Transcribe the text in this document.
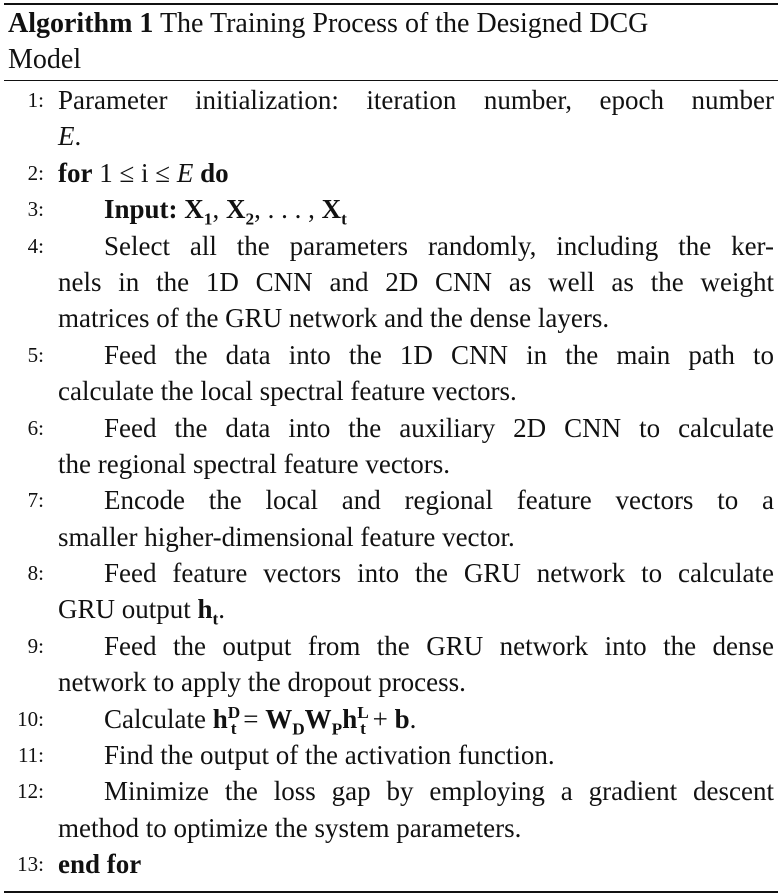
Algorithm 1 The Training Process of the Designed DCG
Model
1: Parameter initialization: iteration number, epoch number
E.
2: for 1 ≤ i ≤ E do
3:	Input: $X_1$, $X_2$, . . . , $X_t$
4:	Select all the parameters randomly, including the ker-
nels in the 1D CNN and 2D CNN as well as the weight
matrices of the GRU network and the dense layers.
5:	Feed the data into the 1D CNN in the main path to
calculate the local spectral feature vectors.
6:	Feed the data into the auxiliary 2D CNN to calculate
the regional spectral feature vectors.
7:	Encode the local and regional feature vectors to a
smaller higher-dimensional feature vector.
8:	Feed feature vectors into the GRU network to calculate
GRU output $h_t$.
9:	Feed the output from the GRU network into the dense
network to apply the dropout process.
10:	Calculate $h^D_t = W_DW_Ph^L_t + b$.
11:	Find the output of the activation function.
12:	Minimize the loss gap by employing a gradient descent
method to optimize the system parameters.
13: end for
